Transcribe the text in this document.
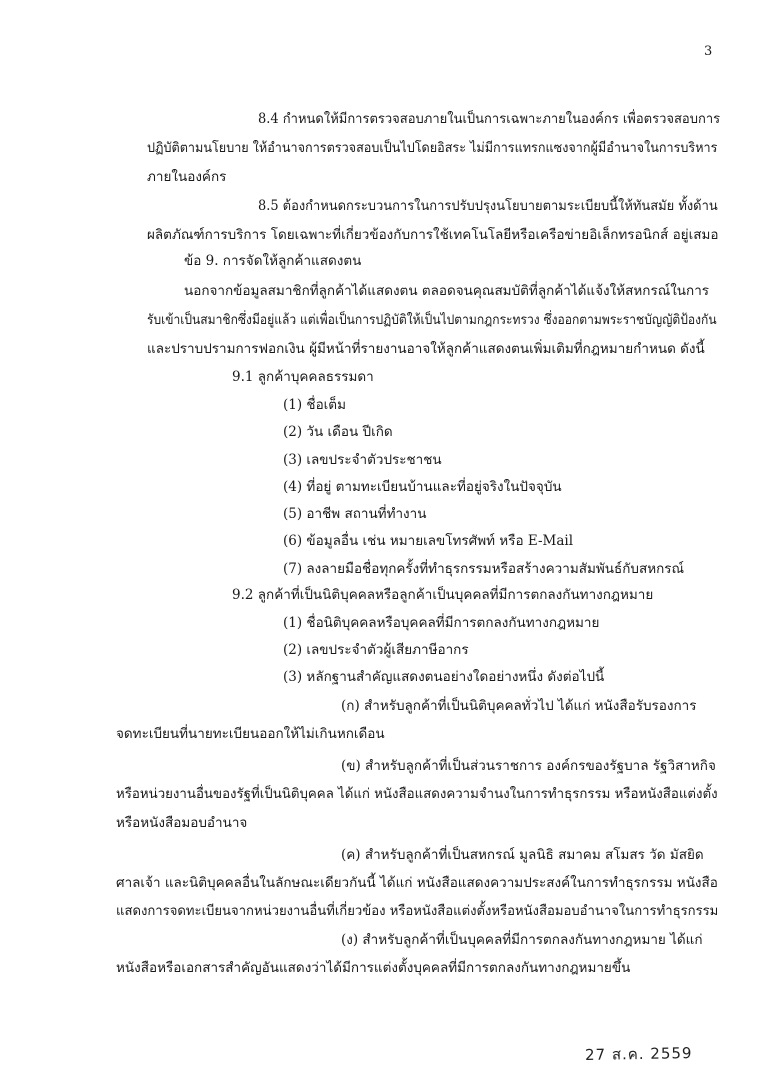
3
8.4 กำหนดให้มีการตรวจสอบภายในเป็นการเฉพาะภายในองค์กร เพื่อตรวจสอบการ
ปฏิบัติตามนโยบาย ให้อำนาจการตรวจสอบเป็นไปโดยอิสระ ไม่มีการแทรกแซงจากผู้มีอำนาจในการบริหาร
ภายในองค์กร
8.5 ต้องกำหนดกระบวนการในการปรับปรุงนโยบายตามระเบียบนี้ให้ทันสมัย ทั้งด้าน
ผลิตภัณฑ์การบริการ โดยเฉพาะที่เกี่ยวข้องกับการใช้เทคโนโลยีหรือเครือข่ายอิเล็กทรอนิกส์ อยู่เสมอ
ข้อ 9. การจัดให้ลูกค้าแสดงตน
นอกจากข้อมูลสมาชิกที่ลูกค้าได้แสดงตน ตลอดจนคุณสมบัติที่ลูกค้าได้แจ้งให้สหกรณ์ในการ
รับเข้าเป็นสมาชิกซึ่งมีอยู่แล้ว แต่เพื่อเป็นการปฏิบัติให้เป็นไปตามกฎกระทรวง ซึ่งออกตามพระราชบัญญัติป้องกัน
และปราบปรามการฟอกเงิน ผู้มีหน้าที่รายงานอาจให้ลูกค้าแสดงตนเพิ่มเติมที่กฎหมายกำหนด ดังนี้
9.1 ลูกค้าบุคคลธรรมดา
(1) ชื่อเต็ม
(2) วัน เดือน ปีเกิด
(3) เลขประจำตัวประชาชน
(4) ที่อยู่ ตามทะเบียนบ้านและที่อยู่จริงในปัจจุบัน
(5) อาชีพ สถานที่ทำงาน
(6) ข้อมูลอื่น เช่น หมายเลขโทรศัพท์ หรือ E-Mail
(7) ลงลายมือชื่อทุกครั้งที่ทำธุรกรรมหรือสร้างความสัมพันธ์กับสหกรณ์
9.2 ลูกค้าที่เป็นนิติบุคคลหรือลูกค้าเป็นบุคคลที่มีการตกลงกันทางกฎหมาย
(1) ชื่อนิติบุคคลหรือบุคคลที่มีการตกลงกันทางกฎหมาย
(2) เลขประจำตัวผู้เสียภาษีอากร
(3) หลักฐานสำคัญแสดงตนอย่างใดอย่างหนึ่ง ดังต่อไปนี้
(ก) สำหรับลูกค้าที่เป็นนิติบุคคลทั่วไป ได้แก่ หนังสือรับรองการ
จดทะเบียนที่นายทะเบียนออกให้ไม่เกินหกเดือน
(ข) สำหรับลูกค้าที่เป็นส่วนราชการ องค์กรของรัฐบาล รัฐวิสาหกิจ
หรือหน่วยงานอื่นของรัฐที่เป็นนิติบุคคล ได้แก่ หนังสือแสดงความจำนงในการทำธุรกรรม หรือหนังสือแต่งตั้ง
หรือหนังสือมอบอำนาจ
(ค) สำหรับลูกค้าที่เป็นสหกรณ์ มูลนิธิ สมาคม สโมสร วัด มัสยิด
ศาลเจ้า และนิติบุคคลอื่นในลักษณะเดียวกันนี้ ได้แก่ หนังสือแสดงความประสงค์ในการทำธุรกรรม หนังสือ
แสดงการจดทะเบียนจากหน่วยงานอื่นที่เกี่ยวข้อง หรือหนังสือแต่งตั้งหรือหนังสือมอบอำนาจในการทำธุรกรรม
(ง) สำหรับลูกค้าที่เป็นบุคคลที่มีการตกลงกันทางกฎหมาย ได้แก่
หนังสือหรือเอกสารสำคัญอันแสดงว่าได้มีการแต่งตั้งบุคคลที่มีการตกลงกันทางกฎหมายขึ้น
27 ส.ค. 2559
